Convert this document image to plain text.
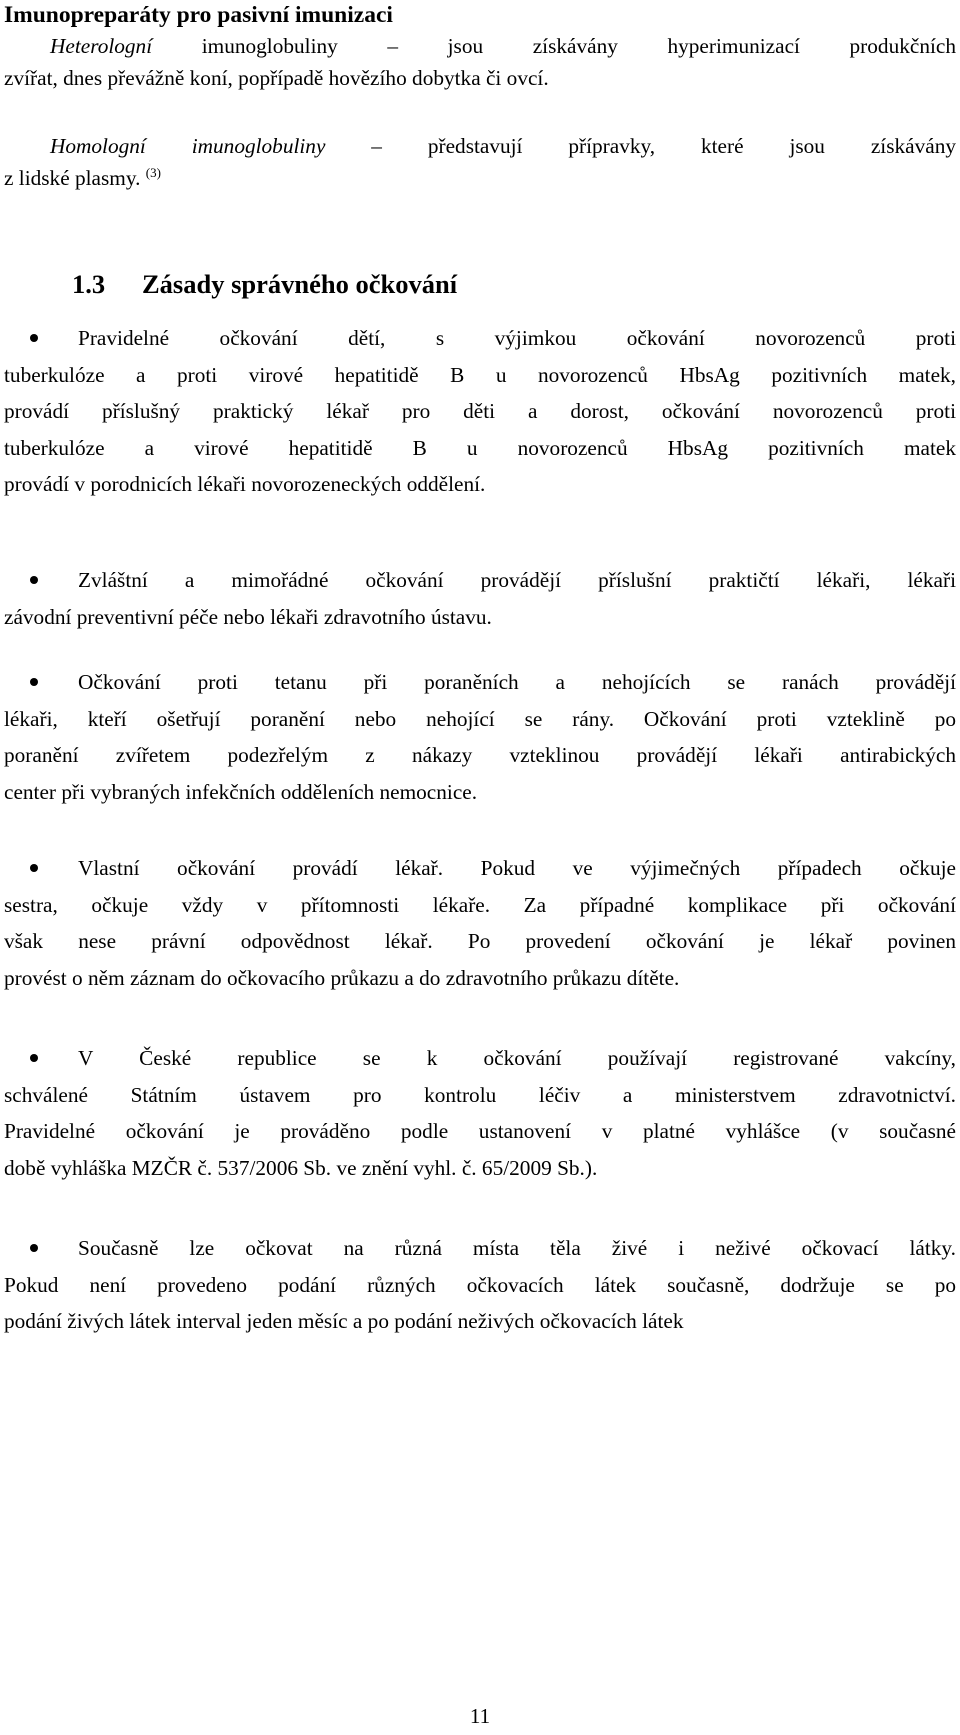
Imunopreparáty pro pasivní imunizaci

Heterologní imunoglobuliny – jsou získávány hyperimunizací produkčních
zvířat, dnes převážně koní, popřípadě hovězího dobytka či ovcí.

Homologní imunoglobuliny – představují přípravky, které jsou získávány
z lidské plasmy. $^{(3)}$

1.3 Zásady správného očkování

Pravidelné očkování dětí, s výjimkou očkování novorozenců proti
tuberkulóze a proti virové hepatitidě B u novorozenců HbsAg pozitivních matek,
provádí příslušný praktický lékař pro děti a dorost, očkování novorozenců proti
tuberkulóze a virové hepatitidě B u novorozenců HbsAg pozitivních matek
provádí v porodnicích lékaři novorozeneckých oddělení.

Zvláštní a mimořádné očkování provádějí příslušní praktičtí lékaři, lékaři
závodní preventivní péče nebo lékaři zdravotního ústavu.

Očkování proti tetanu při poraněních a nehojících se ranách provádějí
lékaři, kteří ošetřují poranění nebo nehojící se rány. Očkování proti vzteklině po
poranění zvířetem podezřelým z nákazy vzteklinou provádějí lékaři antirabických
center při vybraných infekčních odděleních nemocnice.

Vlastní očkování provádí lékař. Pokud ve výjimečných případech očkuje
sestra, očkuje vždy v přítomnosti lékaře. Za případné komplikace při očkování
však nese právní odpovědnost lékař. Po provedení očkování je lékař povinen
provést o něm záznam do očkovacího průkazu a do zdravotního průkazu dítěte.

V České republice se k očkování používají registrované vakcíny,
schválené Státním ústavem pro kontrolu léčiv a ministerstvem zdravotnictví.
Pravidelné očkování je prováděno podle ustanovení v platné vyhlášce (v současné
době vyhláška MZČR č. 537/2006 Sb. ve znění vyhl. č. 65/2009 Sb.).

Současně lze očkovat na různá místa těla živé i neživé očkovací látky.
Pokud není provedeno podání různých očkovacích látek současně, dodržuje se po
podání živých látek interval jeden měsíc a po podání neživých očkovacích látek

11
